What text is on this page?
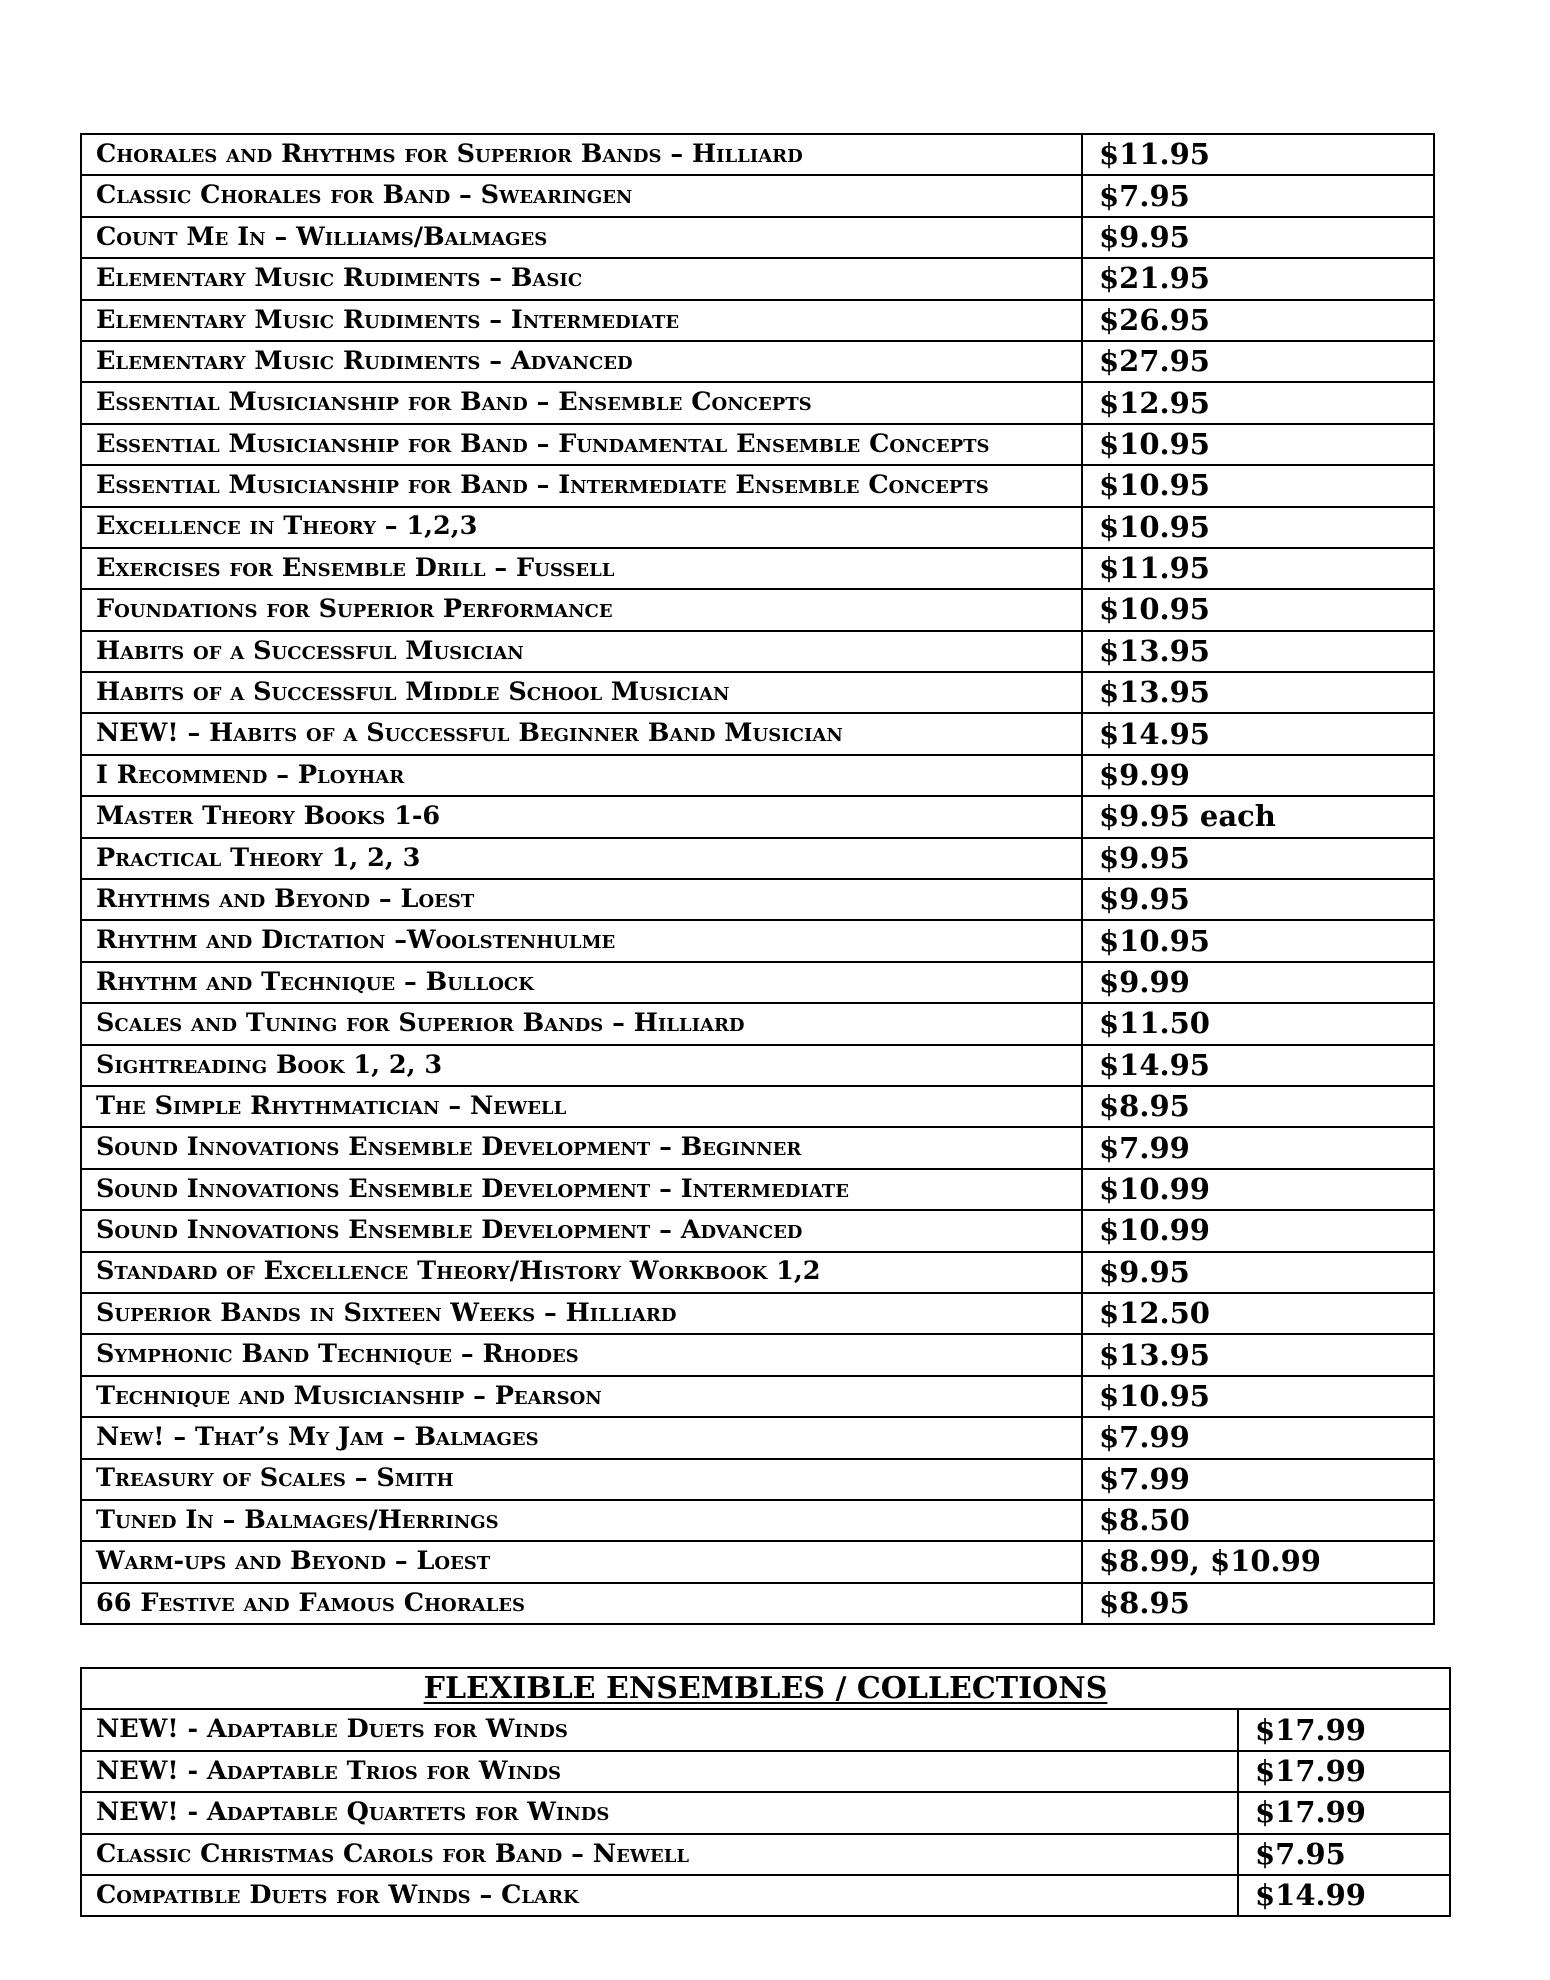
Chorales and Rhythms for Superior Bands – Hilliard	$11.95
Classic Chorales for Band – Swearingen	$7.95
Count Me In – Williams/Balmages	$9.95
Elementary Music Rudiments – Basic	$21.95
Elementary Music Rudiments – Intermediate	$26.95
Elementary Music Rudiments – Advanced	$27.95
Essential Musicianship for Band – Ensemble Concepts	$12.95
Essential Musicianship for Band – Fundamental Ensemble Concepts	$10.95
Essential Musicianship for Band – Intermediate Ensemble Concepts	$10.95
Excellence in Theory – 1,2,3	$10.95
Exercises for Ensemble Drill – Fussell	$11.95
Foundations for Superior Performance	$10.95
Habits of a Successful Musician	$13.95
Habits of a Successful Middle School Musician	$13.95
NEW! – Habits of a Successful Beginner Band Musician	$14.95
I Recommend – Ployhar	$9.99
Master Theory Books 1-6	$9.95 each
Practical Theory 1, 2, 3	$9.95
Rhythms and Beyond – Loest	$9.95
Rhythm and Dictation –Woolstenhulme	$10.95
Rhythm and Technique – Bullock	$9.99
Scales and Tuning for Superior Bands – Hilliard	$11.50
Sightreading Book 1, 2, 3	$14.95
The Simple Rhythmatician – Newell	$8.95
Sound Innovations Ensemble Development – Beginner	$7.99
Sound Innovations Ensemble Development – Intermediate	$10.99
Sound Innovations Ensemble Development – Advanced	$10.99
Standard of Excellence Theory/History Workbook 1,2	$9.95
Superior Bands in Sixteen Weeks – Hilliard	$12.50
Symphonic Band Technique – Rhodes	$13.95
Technique and Musicianship – Pearson	$10.95
New! – That’s My Jam – Balmages	$7.99
Treasury of Scales – Smith	$7.99
Tuned In – Balmages/Herrings	$8.50
Warm-ups and Beyond – Loest	$8.99, $10.99
66 Festive and Famous Chorales	$8.95
FLEXIBLE ENSEMBLES / COLLECTIONS	
NEW! - Adaptable Duets for Winds	$17.99
NEW! - Adaptable Trios for Winds	$17.99
NEW! - Adaptable Quartets for Winds	$17.99
Classic Christmas Carols for Band – Newell	$7.95
Compatible Duets for Winds – Clark	$14.99
